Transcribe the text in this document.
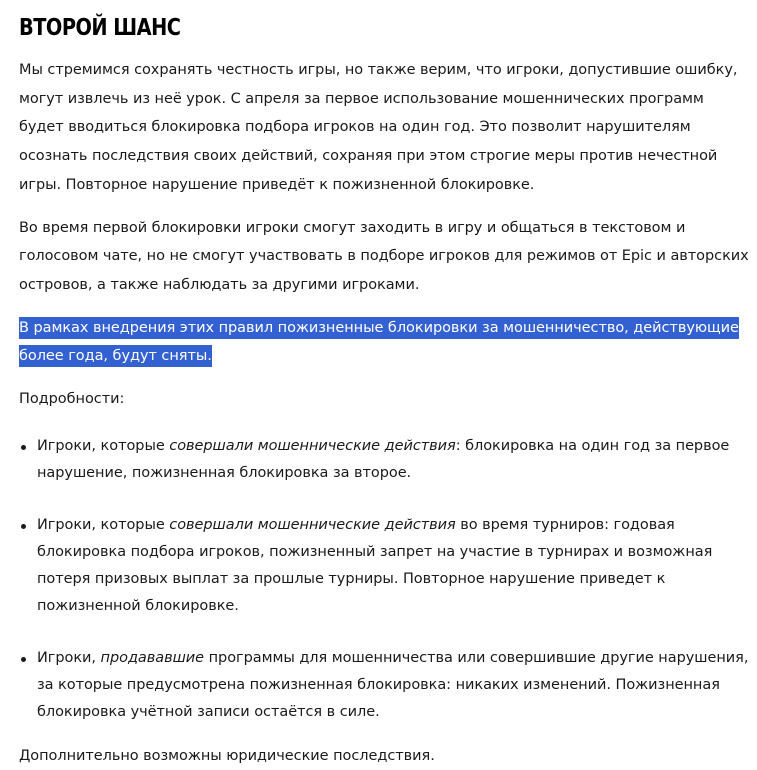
ВТОРОЙ ШАНС

Мы стремимся сохранять честность игры, но также верим, что игроки, допустившие ошибку, могут извлечь из неё урок. С апреля за первое использование мошеннических программ будет вводиться блокировка подбора игроков на один год. Это позволит нарушителям осознать последствия своих действий, сохраняя при этом строгие меры против нечестной игры. Повторное нарушение приведёт к пожизненной блокировке.

Во время первой блокировки игроки смогут заходить в игру и общаться в текстовом и голосовом чате, но не смогут участвовать в подборе игроков для режимов от Epic и авторских островов, а также наблюдать за другими игроками.

В рамках внедрения этих правил пожизненные блокировки за мошенничество, действующие более года, будут сняты.

Подробности:

Игроки, которые совершали мошеннические действия: блокировка на один год за первое нарушение, пожизненная блокировка за второе.
Игроки, которые совершали мошеннические действия во время турниров: годовая блокировка подбора игроков, пожизненный запрет на участие в турнирах и возможная потеря призовых выплат за прошлые турниры. Повторное нарушение приведет к пожизненной блокировке.
Игроки, продававшие программы для мошенничества или совершившие другие нарушения, за которые предусмотрена пожизненная блокировка: никаких изменений. Пожизненная блокировка учётной записи остаётся в силе.

Дополнительно возможны юридические последствия.
